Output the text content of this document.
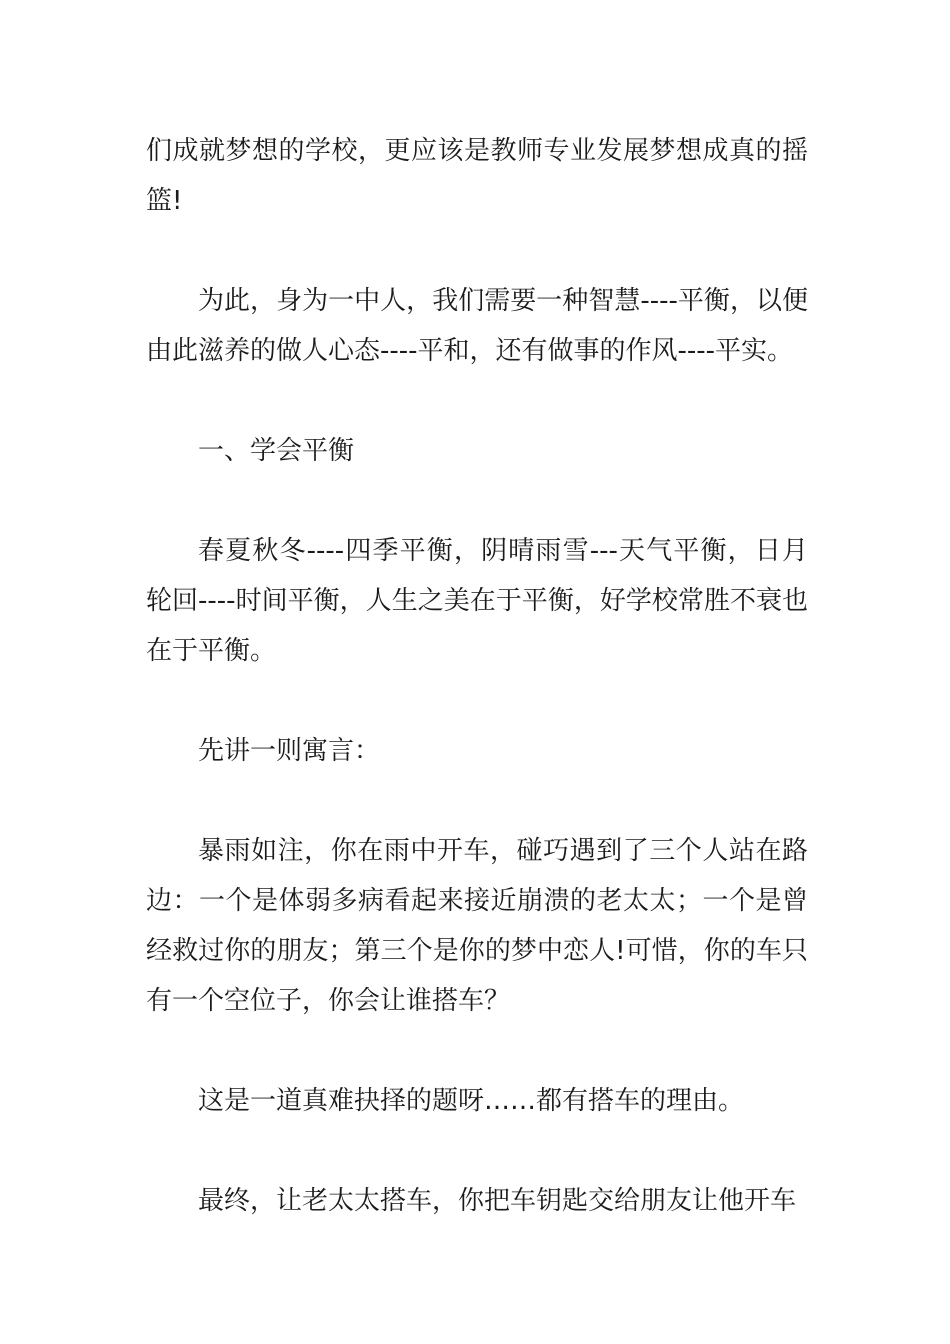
们成就梦想的学校，更应该是教师专业发展梦想成真的摇篮!

为此，身为一中人，我们需要一种智慧----平衡，以便由此滋养的做人心态----平和，还有做事的作风----平实。

一、学会平衡

春夏秋冬----四季平衡，阴晴雨雪---天气平衡，日月轮回----时间平衡，人生之美在于平衡，好学校常胜不衰也在于平衡。

先讲一则寓言：

暴雨如注，你在雨中开车，碰巧遇到了三个人站在路边：一个是体弱多病看起来接近崩溃的老太太；一个是曾经救过你的朋友；第三个是你的梦中恋人!可惜，你的车只有一个空位子，你会让谁搭车？

这是一道真难抉择的题呀……都有搭车的理由。

最终，让老太太搭车，你把车钥匙交给朋友让他开车
